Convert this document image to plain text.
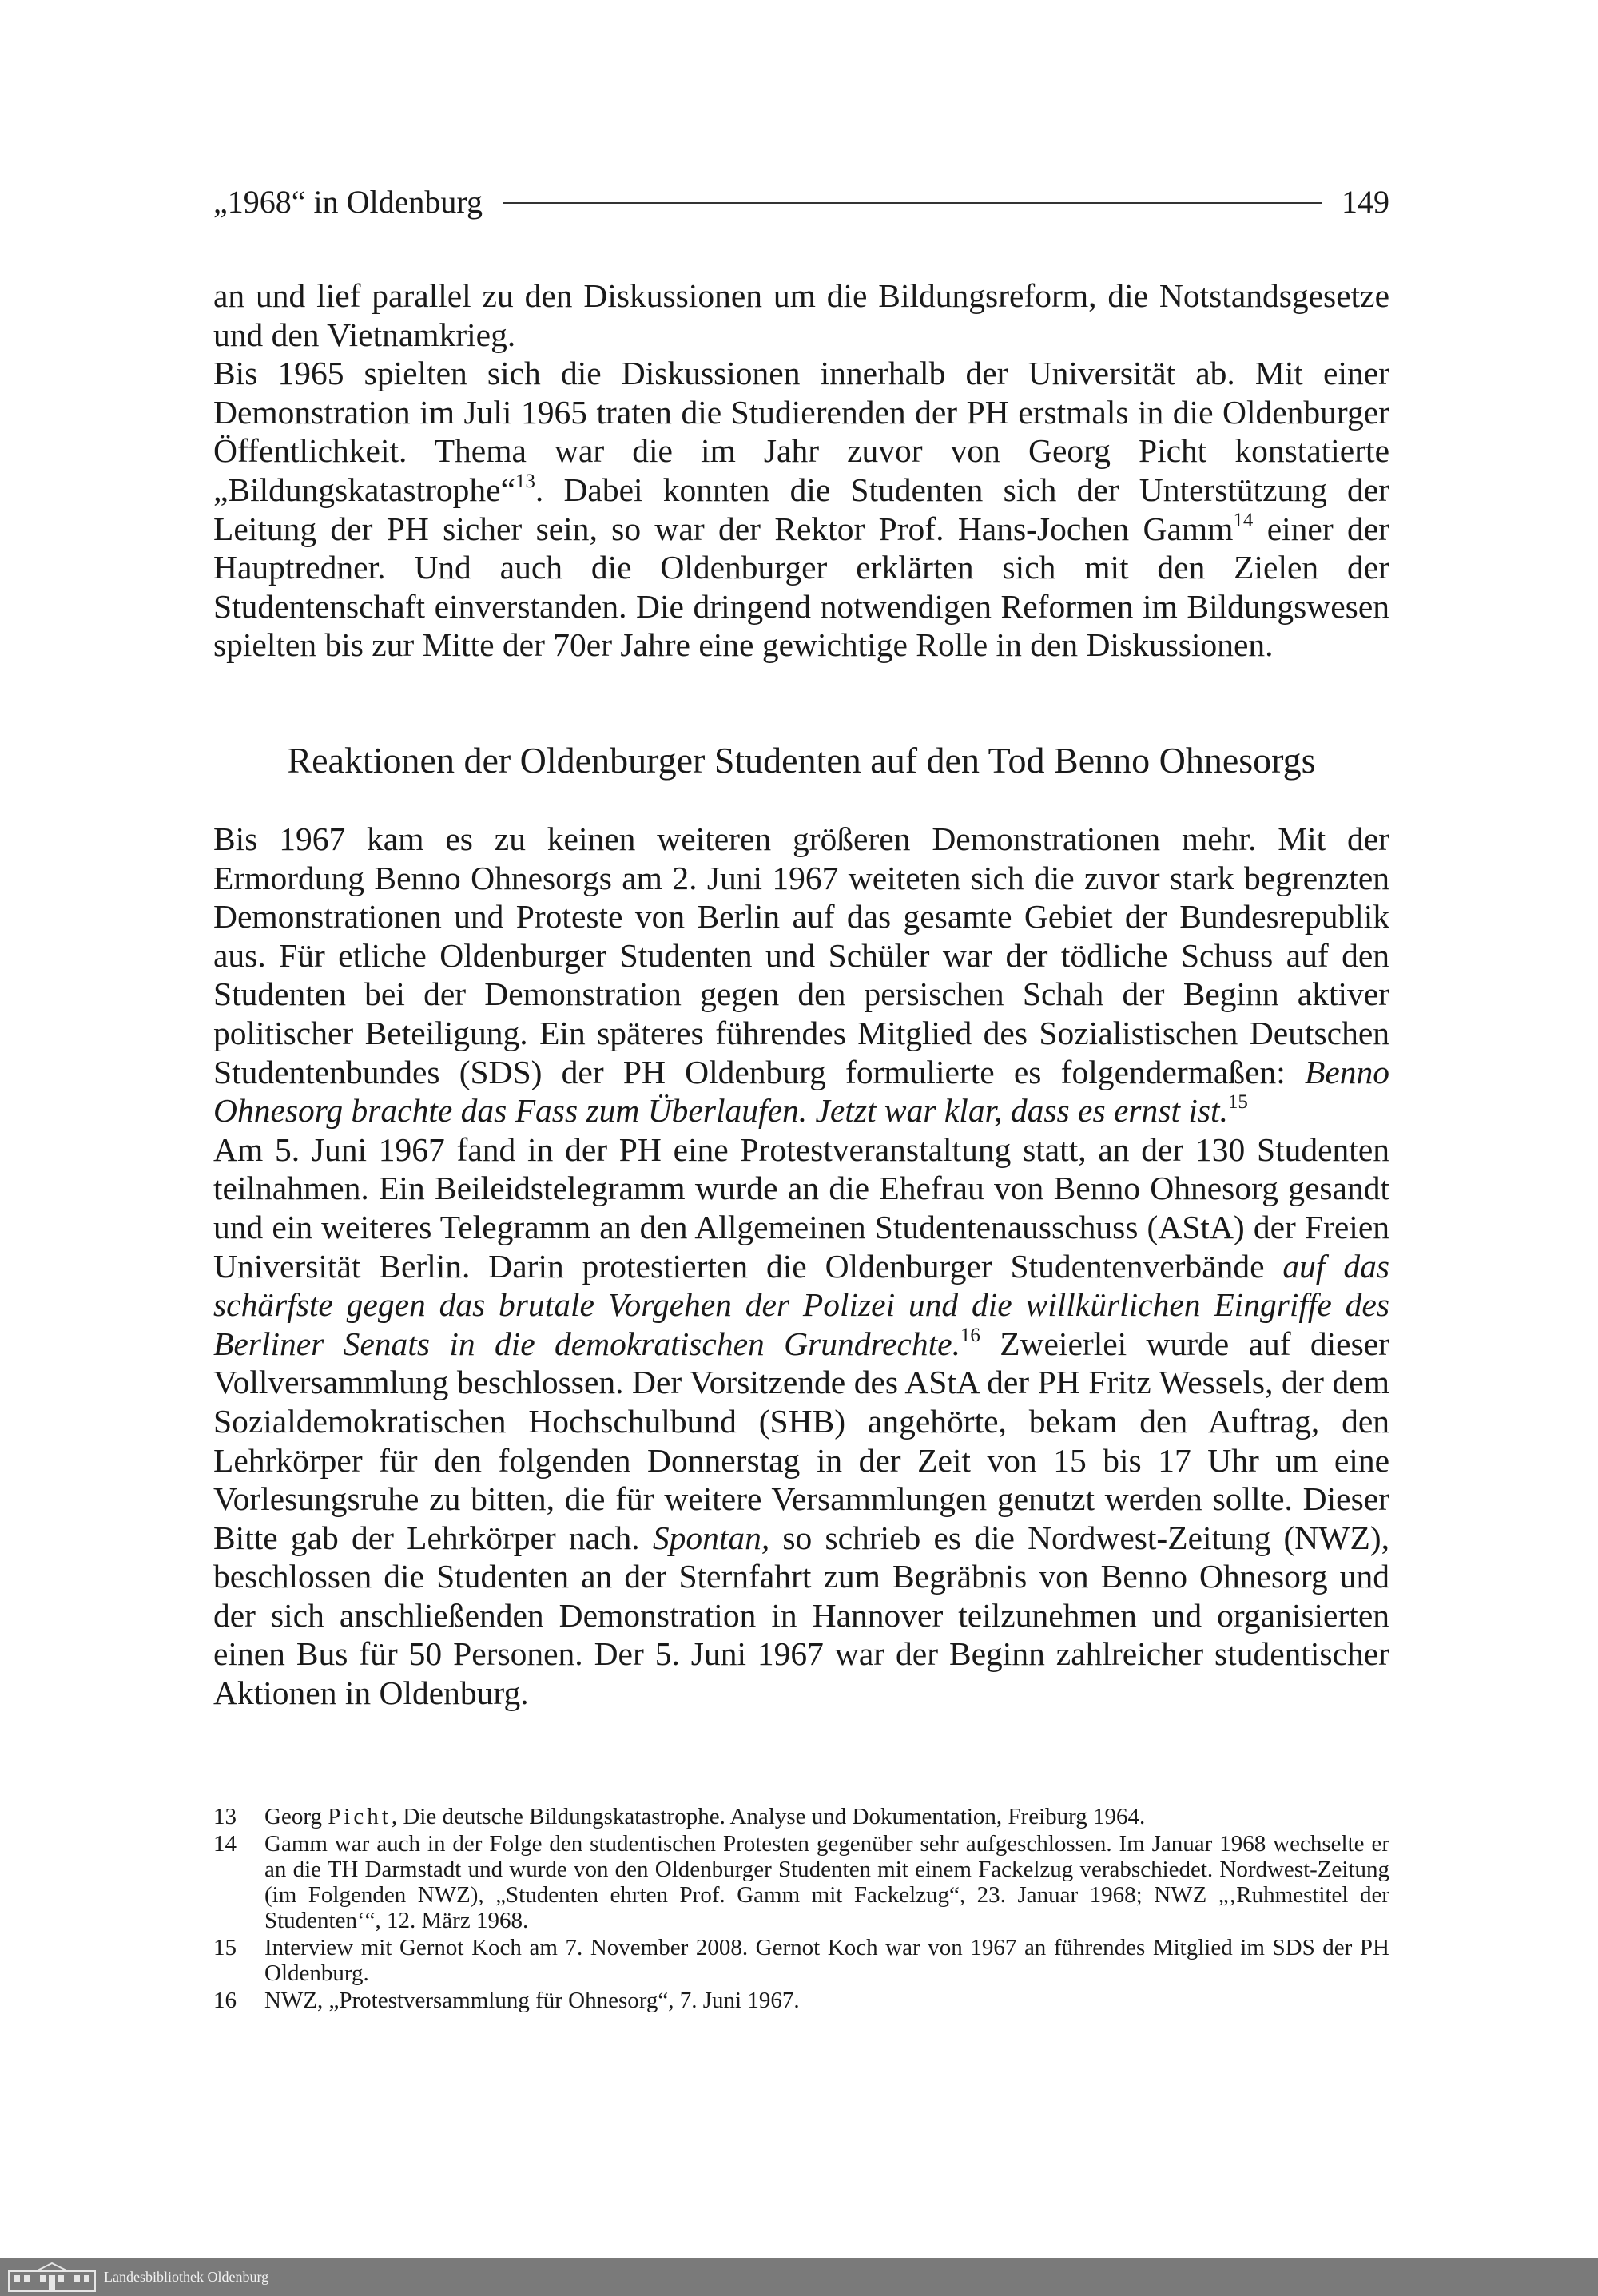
„1968“ in Oldenburg	149

an und lief parallel zu den Diskussionen um die Bildungsreform, die Notstandsgesetze und den Vietnamkrieg.

Bis 1965 spielten sich die Diskussionen innerhalb der Universität ab. Mit einer Demonstration im Juli 1965 traten die Studierenden der PH erstmals in die Oldenburger Öffentlichkeit. Thema war die im Jahr zuvor von Georg Picht konstatierte „Bildungskatastrophe“$^{13}$. Dabei konnten die Studenten sich der Unterstützung der Leitung der PH sicher sein, so war der Rektor Prof. Hans-Jochen Gamm$^{14}$ einer der Hauptredner. Und auch die Oldenburger erklärten sich mit den Zielen der Studentenschaft einverstanden. Die dringend notwendigen Reformen im Bildungswesen spielten bis zur Mitte der 70er Jahre eine gewichtige Rolle in den Diskussionen.

Reaktionen der Oldenburger Studenten auf den Tod Benno Ohnesorgs

Bis 1967 kam es zu keinen weiteren größeren Demonstrationen mehr. Mit der Ermordung Benno Ohnesorgs am 2. Juni 1967 weiteten sich die zuvor stark begrenzten Demonstrationen und Proteste von Berlin auf das gesamte Gebiet der Bundesrepublik aus. Für etliche Oldenburger Studenten und Schüler war der tödliche Schuss auf den Studenten bei der Demonstration gegen den persischen Schah der Beginn aktiver politischer Beteiligung. Ein späteres führendes Mitglied des Sozialistischen Deutschen Studentenbundes (SDS) der PH Oldenburg formulierte es folgendermaßen: Benno Ohnesorg brachte das Fass zum Überlaufen. Jetzt war klar, dass es ernst ist.$^{15}$

Am 5. Juni 1967 fand in der PH eine Protestveranstaltung statt, an der 130 Studenten teilnahmen. Ein Beileidstelegramm wurde an die Ehefrau von Benno Ohnesorg gesandt und ein weiteres Telegramm an den Allgemeinen Studentenausschuss (AStA) der Freien Universität Berlin. Darin protestierten die Oldenburger Studentenverbände auf das schärfste gegen das brutale Vorgehen der Polizei und die willkürlichen Eingriffe des Berliner Senats in die demokratischen Grundrechte.$^{16}$ Zweierlei wurde auf dieser Vollversammlung beschlossen. Der Vorsitzende des AStA der PH Fritz Wessels, der dem Sozialdemokratischen Hochschulbund (SHB) angehörte, bekam den Auftrag, den Lehrkörper für den folgenden Donnerstag in der Zeit von 15 bis 17 Uhr um eine Vorlesungsruhe zu bitten, die für weitere Versammlungen genutzt werden sollte. Dieser Bitte gab der Lehrkörper nach. Spontan, so schrieb es die Nordwest-Zeitung (NWZ), beschlossen die Studenten an der Sternfahrt zum Begräbnis von Benno Ohnesorg und der sich anschließenden Demonstration in Hannover teilzunehmen und organisierten einen Bus für 50 Personen. Der 5. Juni 1967 war der Beginn zahlreicher studentischer Aktionen in Oldenburg.

13	Georg Picht, Die deutsche Bildungskatastrophe. Analyse und Dokumentation, Freiburg 1964.
14	Gamm war auch in der Folge den studentischen Protesten gegenüber sehr aufgeschlossen. Im Januar 1968 wechselte er an die TH Darmstadt und wurde von den Oldenburger Studenten mit einem Fackelzug verabschiedet. Nordwest-Zeitung (im Folgenden NWZ), „Studenten ehrten Prof. Gamm mit Fackelzug“, 23. Januar 1968; NWZ „‚Ruhmestitel der Studenten‘“, 12. März 1968.
15	Interview mit Gernot Koch am 7. November 2008. Gernot Koch war von 1967 an führendes Mitglied im SDS der PH Oldenburg.
16	NWZ, „Protestversammlung für Ohnesorg“, 7. Juni 1967.
Landesbibliothek Oldenburg
